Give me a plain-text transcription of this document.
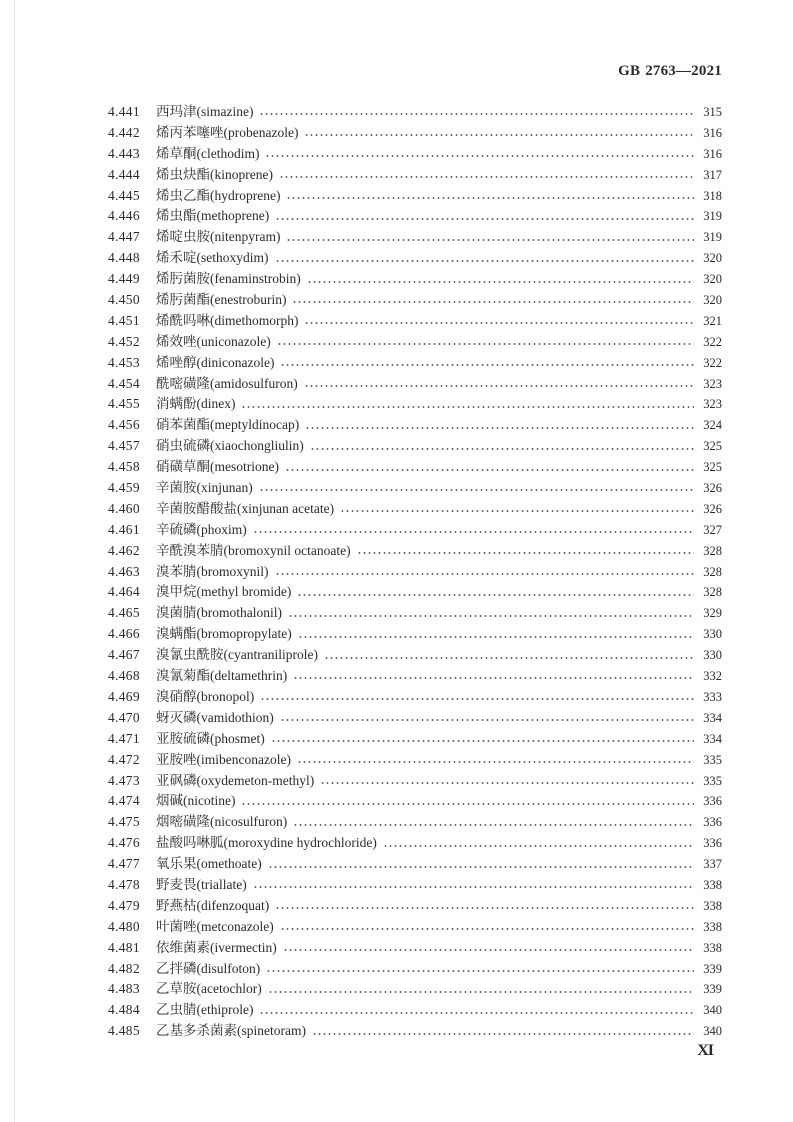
GB 2763—2021
4.441	西玛津(simazine)	315
4.442	烯丙苯噻唑(probenazole)	316
4.443	烯草酮(clethodim)	316
4.444	烯虫炔酯(kinoprene)	317
4.445	烯虫乙酯(hydroprene)	318
4.446	烯虫酯(methoprene)	319
4.447	烯啶虫胺(nitenpyram)	319
4.448	烯禾啶(sethoxydim)	320
4.449	烯肟菌胺(fenaminstrobin)	320
4.450	烯肟菌酯(enestroburin)	320
4.451	烯酰吗啉(dimethomorph)	321
4.452	烯效唑(uniconazole)	322
4.453	烯唑醇(diniconazole)	322
4.454	酰嘧磺隆(amidosulfuron)	323
4.455	消螨酚(dinex)	323
4.456	硝苯菌酯(meptyldinocap)	324
4.457	硝虫硫磷(xiaochongliulin)	325
4.458	硝磺草酮(mesotrione)	325
4.459	辛菌胺(xinjunan)	326
4.460	辛菌胺醋酸盐(xinjunan acetate)	326
4.461	辛硫磷(phoxim)	327
4.462	辛酰溴苯腈(bromoxynil octanoate)	328
4.463	溴苯腈(bromoxynil)	328
4.464	溴甲烷(methyl bromide)	328
4.465	溴菌腈(bromothalonil)	329
4.466	溴螨酯(bromopropylate)	330
4.467	溴氰虫酰胺(cyantraniliprole)	330
4.468	溴氰菊酯(deltamethrin)	332
4.469	溴硝醇(bronopol)	333
4.470	蚜灭磷(vamidothion)	334
4.471	亚胺硫磷(phosmet)	334
4.472	亚胺唑(imibenconazole)	335
4.473	亚砜磷(oxydemeton-methyl)	335
4.474	烟碱(nicotine)	336
4.475	烟嘧磺隆(nicosulfuron)	336
4.476	盐酸吗啉胍(moroxydine hydrochloride)	336
4.477	氧乐果(omethoate)	337
4.478	野麦畏(triallate)	338
4.479	野燕枯(difenzoquat)	338
4.480	叶菌唑(metconazole)	338
4.481	依维菌素(ivermectin)	338
4.482	乙拌磷(disulfoton)	339
4.483	乙草胺(acetochlor)	339
4.484	乙虫腈(ethiprole)	340
4.485	乙基多杀菌素(spinetoram)	340
XI
